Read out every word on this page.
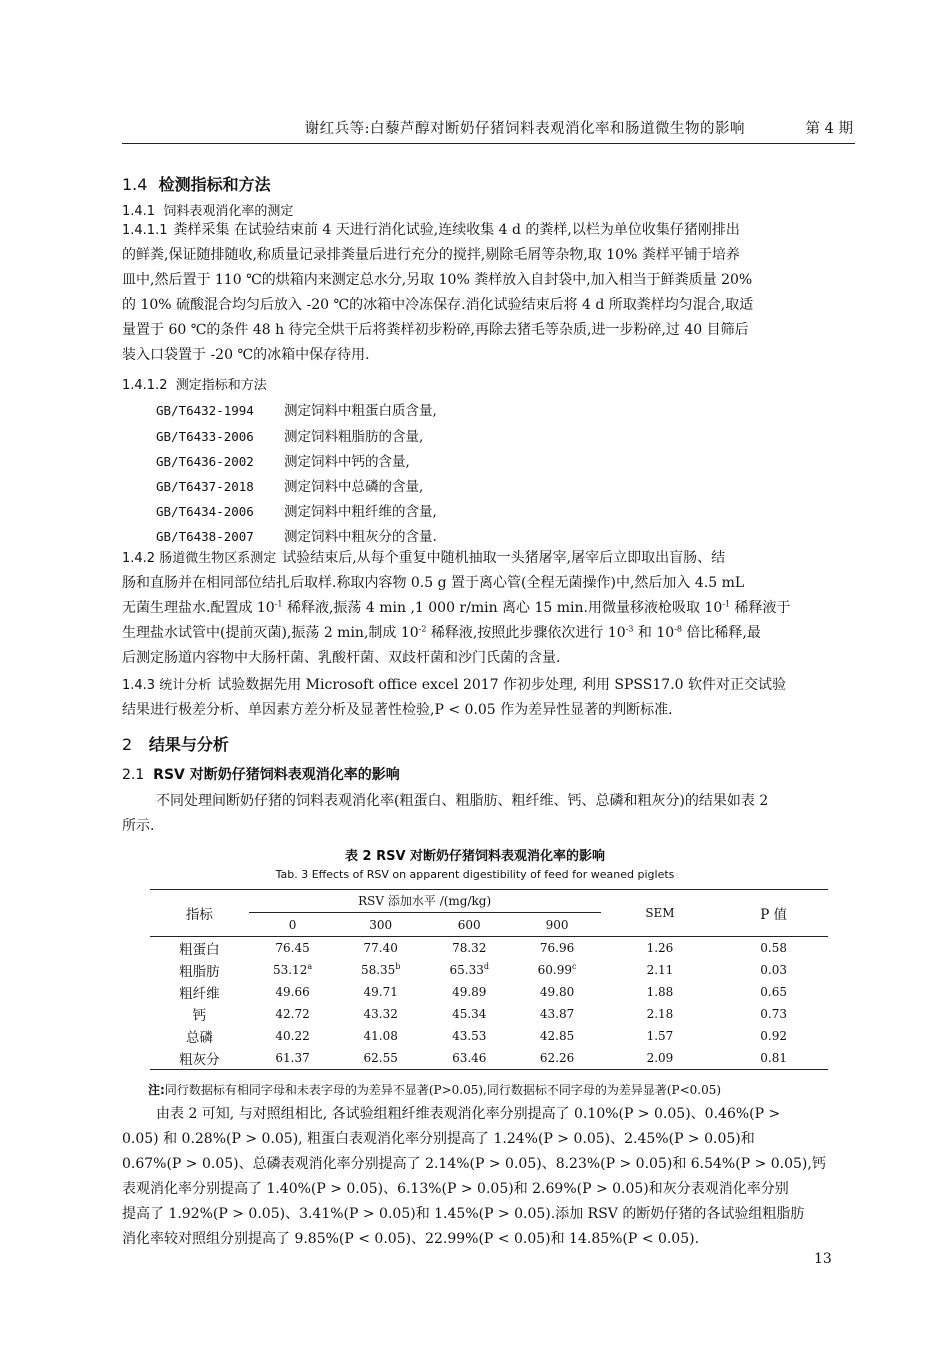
谢红兵等:白藜芦醇对断奶仔猪饲料表观消化率和肠道微生物的影响	第 4 期
1.4 检测指标和方法
1.4.1 饲料表观消化率的测定
1.4.1.1 粪样采集 在试验结束前 4 天进行消化试验,连续收集 4 d 的粪样,以栏为单位收集仔猪刚排出
的鲜粪,保证随排随收,称质量记录排粪量后进行充分的搅拌,剔除毛屑等杂物,取 10% 粪样平铺于培养
皿中,然后置于 110 ℃的烘箱内来测定总水分,另取 10% 粪样放入自封袋中,加入相当于鲜粪质量 20%
的 10% 硫酸混合均匀后放入 -20 ℃的冰箱中冷冻保存.消化试验结束后将 4 d 所取粪样均匀混合,取适
量置于 60 ℃的条件 48 h 待完全烘干后将粪样初步粉碎,再除去猪毛等杂质,进一步粉碎,过 40 目筛后
装入口袋置于 -20 ℃的冰箱中保存待用.
1.4.1.2 测定指标和方法
GB/T6432-1994 测定饲料中粗蛋白质含量,
GB/T6433-2006 测定饲料粗脂肪的含量,
GB/T6436-2002 测定饲料中钙的含量,
GB/T6437-2018 测定饲料中总磷的含量,
GB/T6434-2006 测定饲料中粗纤维的含量,
GB/T6438-2007 测定饲料中粗灰分的含量.
1.4.2 肠道微生物区系测定 试验结束后,从每个重复中随机抽取一头猪屠宰,屠宰后立即取出盲肠、结
肠和直肠并在相同部位结扎后取样.称取内容物 0.5 g 置于离心管(全程无菌操作)中,然后加入 4.5 mL
无菌生理盐水.配置成 $10^{-1}$ 稀释液,振荡 4 min ,1 000 r/min 离心 15 min.用微量移液枪吸取 $10^{-1}$ 稀释液于
生理盐水试管中(提前灭菌),振荡 2 min,制成 $10^{-2}$ 稀释液,按照此步骤依次进行 $10^{-3}$ 和 $10^{-8}$ 倍比稀释,最
后测定肠道内容物中大肠杆菌、乳酸杆菌、双歧杆菌和沙门氏菌的含量.
1.4.3 统计分析 试验数据先用 Microsoft office excel 2017 作初步处理, 利用 SPSS17.0 软件对正交试验
结果进行极差分析、单因素方差分析及显著性检验,P < 0.05 作为差异性显著的判断标准.
2 结果与分析
2.1 RSV 对断奶仔猪饲料表观消化率的影响
不同处理间断奶仔猪的饲料表观消化率(粗蛋白、粗脂肪、粗纤维、钙、总磷和粗灰分)的结果如表 2
所示.
表 2 RSV 对断奶仔猪饲料表观消化率的影响
Tab. 3 Effects of RSV on apparent digestibility of feed for weaned piglets
指标	RSV 添加水平 /(mg/kg)				SEM	P 值
	0	300	600	900		
粗蛋白	76.45	77.40	78.32	76.96	1.26	0.58
粗脂肪	53.12$^a$	58.35$^b$	65.33$^d$	60.99$^c$	2.11	0.03
粗纤维	49.66	49.71	49.89	49.80	1.88	0.65
钙	42.72	43.32	45.34	43.87	2.18	0.73
总磷	40.22	41.08	43.53	42.85	1.57	0.92
粗灰分	61.37	62.55	63.46	62.26	2.09	0.81
注:同行数据标有相同字母和未表字母的为差异不显著(P>0.05),同行数据标不同字母的为差异显著(P<0.05)
由表 2 可知, 与对照组相比, 各试验组粗纤维表观消化率分别提高了 0.10%(P > 0.05)、0.46%(P >
0.05) 和 0.28%(P > 0.05), 粗蛋白表观消化率分别提高了 1.24%(P > 0.05)、2.45%(P > 0.05)和
0.67%(P > 0.05)、总磷表观消化率分别提高了 2.14%(P > 0.05)、8.23%(P > 0.05)和 6.54%(P > 0.05),钙
表观消化率分别提高了 1.40%(P > 0.05)、6.13%(P > 0.05)和 2.69%(P > 0.05)和灰分表观消化率分别
提高了 1.92%(P > 0.05)、3.41%(P > 0.05)和 1.45%(P > 0.05).添加 RSV 的断奶仔猪的各试验组粗脂肪
消化率较对照组分别提高了 9.85%(P < 0.05)、22.99%(P < 0.05)和 14.85%(P < 0.05).
13
